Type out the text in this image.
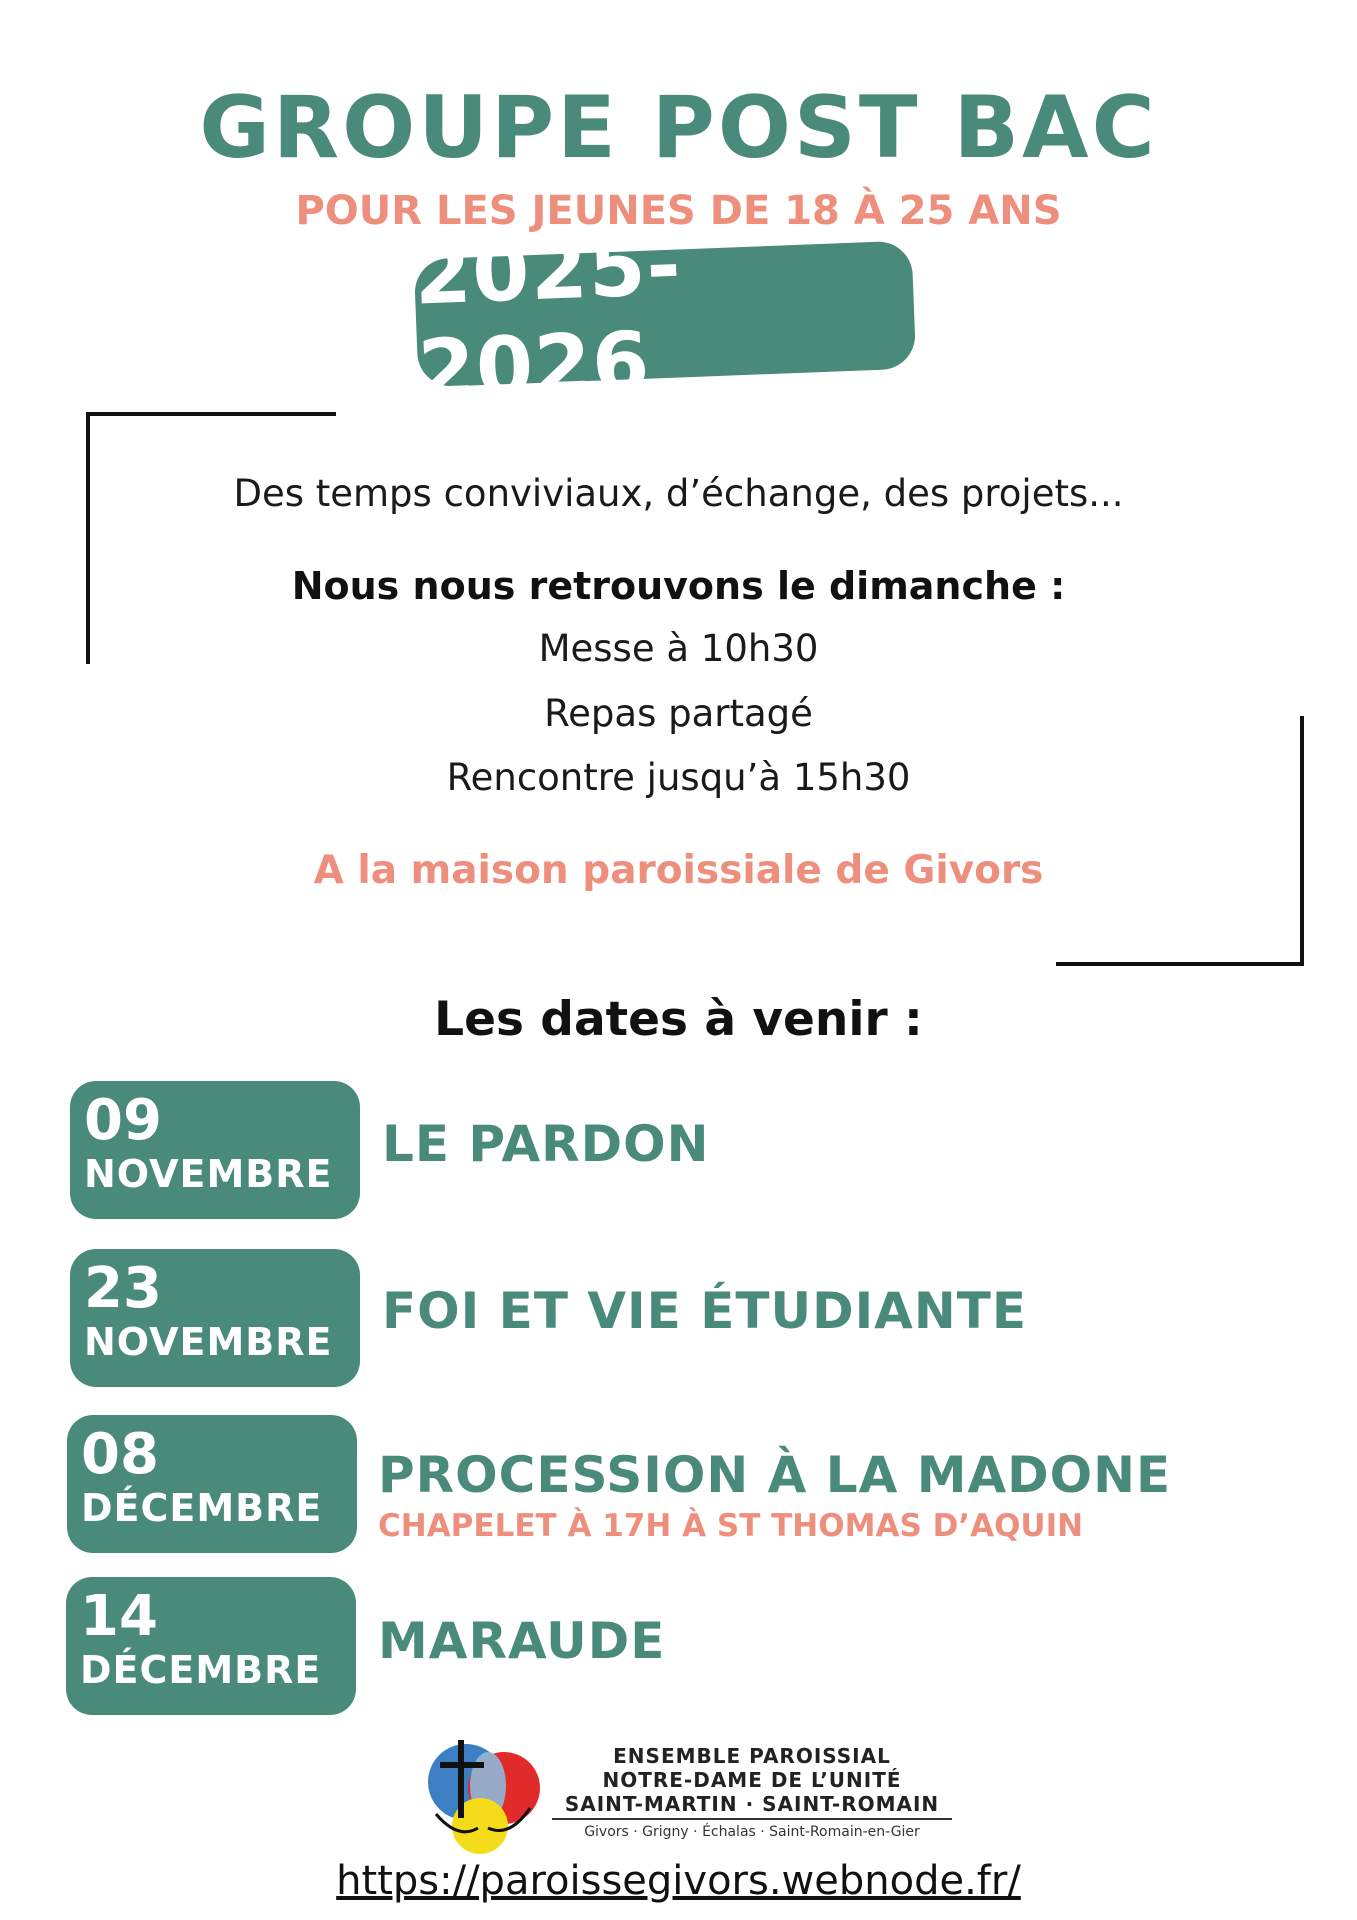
GROUPE POST BAC
POUR LES JEUNES DE 18 À 25 ANS
2025-2026
Des temps conviviaux, d’échange, des projets...
Nous nous retrouvons le dimanche :
Messe à 10h30
Repas partagé
Rencontre jusqu’à 15h30
A la maison paroissiale de Givors
Les dates à venir :
09
NOVEMBRE
LE PARDON
23
NOVEMBRE
FOI ET VIE ÉTUDIANTE
08
DÉCEMBRE
PROCESSION À LA MADONE
CHAPELET À 17H À ST THOMAS D’AQUIN
14
DÉCEMBRE	MARAUDE
ENSEMBLE PAROISSIAL
NOTRE-DAME DE L’UNITÉ
SAINT-MARTIN · SAINT-ROMAIN
Givors · Grigny · Échalas · Saint-Romain-en-Gier
https://paroissegivors.webnode.fr/
